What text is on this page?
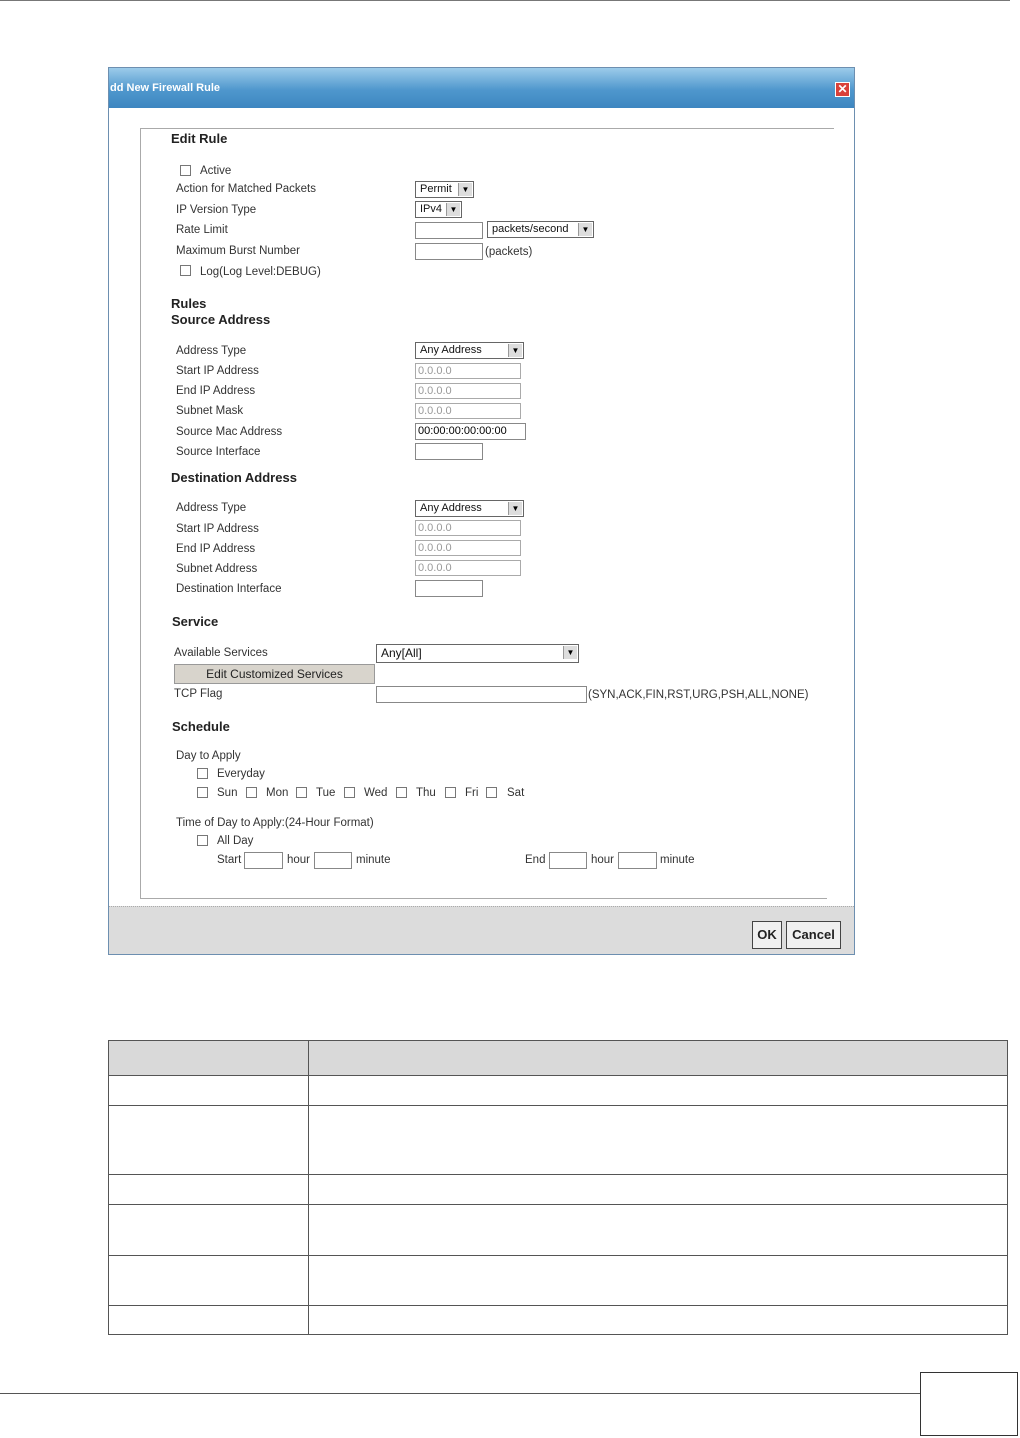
dd New Firewall Rule	✕
Edit Rule
Active
Action for Matched Packets	Permit	▼
IP Version Type	IPv4 ▼
Rate Limit	packets/second	▼
Maximum Burst Number	(packets)
Log(Log Level:DEBUG)
Rules
Source Address
Address Type	Any Address	▼
Start IP Address	0.0.0.0
End IP Address	0.0.0.0
Subnet Mask	0.0.0.0
Source Mac Address	00:00:00:00:00:00
Source Interface
Destination Address
Address Type	Any Address	▼
Start IP Address	0.0.0.0
End IP Address	0.0.0.0
Subnet Address	0.0.0.0
Destination Interface
Service
Available Services	Any[All]	▼
Edit Customized Services
TCP Flag	(SYN,ACK,FIN,RST,URG,PSH,ALL,NONE)
Schedule
Day to Apply
Everyday
Sun Mon Tue Wed Thu	Fri Sat
Time of Day to Apply:(24-Hour Format)
All Day
Start	hour	minute	End	hour	minute
OK	Cancel
